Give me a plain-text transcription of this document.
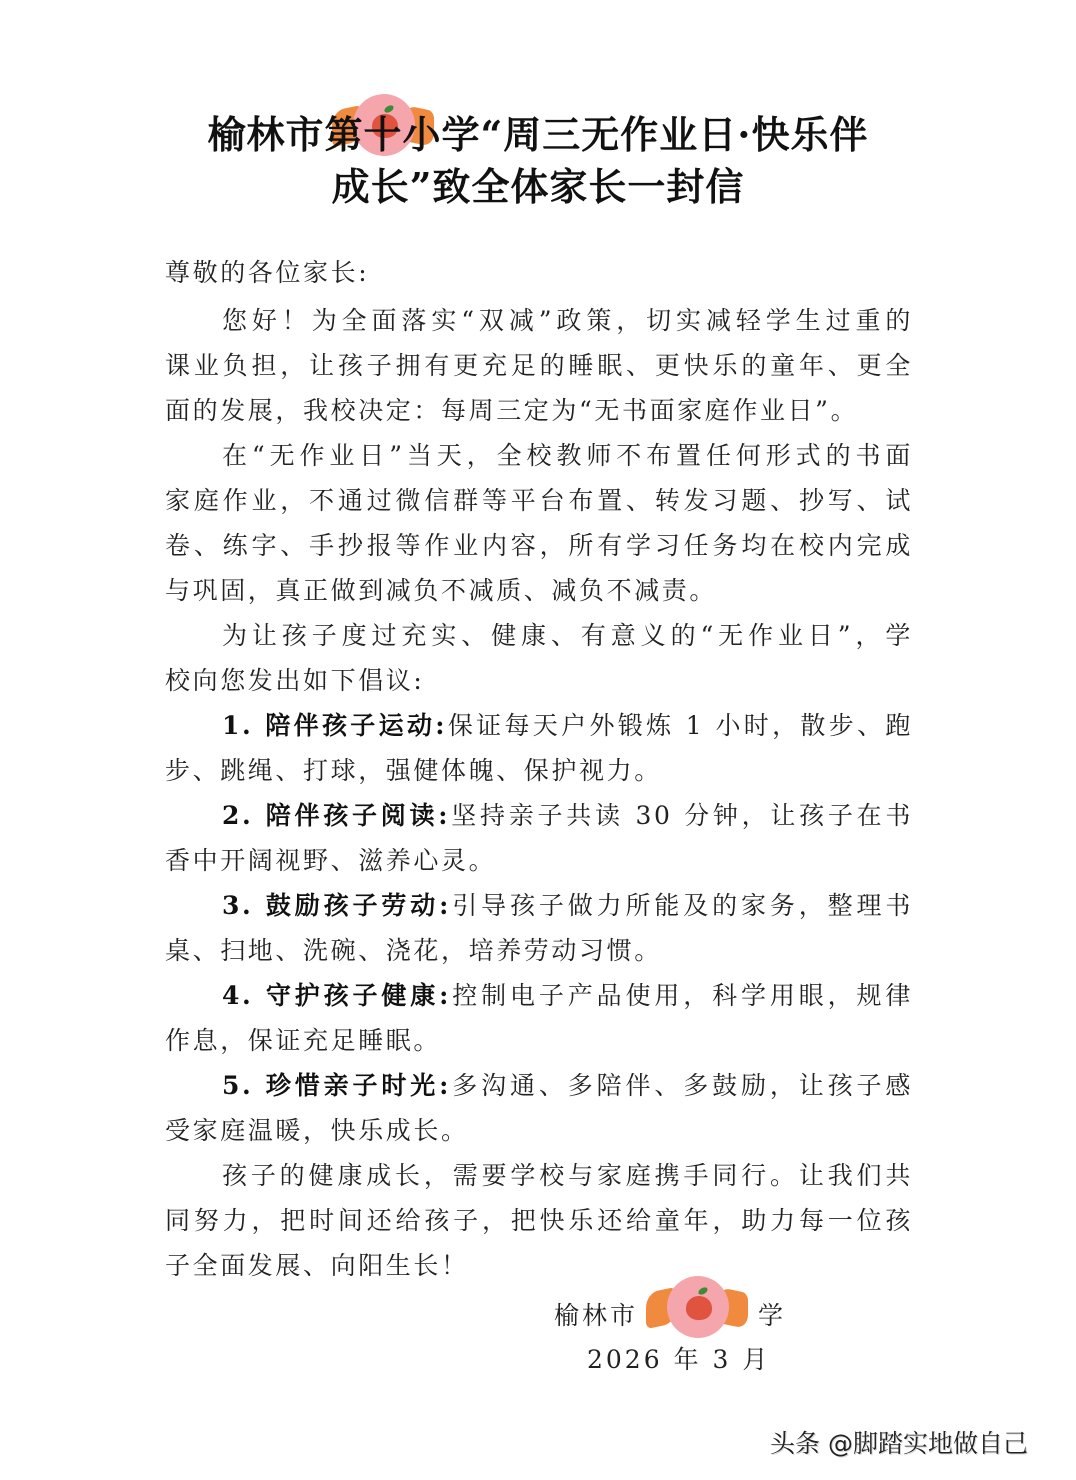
榆林市第十小学“周三无作业日·快乐伴
成长”致全体家长一封信
尊敬的各位家长:
您好！为全面落实“双减”政策，切实减轻学生过重的
课业负担，让孩子拥有更充足的睡眠、更快乐的童年、更全
面的发展，我校决定：每周三定为“无书面家庭作业日”。
在“无作业日”当天，全校教师不布置任何形式的书面
家庭作业，不通过微信群等平台布置、转发习题、抄写、试
卷、练字、手抄报等作业内容，所有学习任务均在校内完成
与巩固，真正做到减负不减质、减负不减责。
为让孩子度过充实、健康、有意义的“无作业日”，学
校向您发出如下倡议:
1. 陪伴孩子运动:保证每天户外锻炼 1 小时，散步、跑
步、跳绳、打球，强健体魄、保护视力。
2. 陪伴孩子阅读:坚持亲子共读 30 分钟，让孩子在书
香中开阔视野、滋养心灵。
3. 鼓励孩子劳动:引导孩子做力所能及的家务，整理书
桌、扫地、洗碗、浇花，培养劳动习惯。
4. 守护孩子健康:控制电子产品使用，科学用眼，规律
作息，保证充足睡眠。
5. 珍惜亲子时光:多沟通、多陪伴、多鼓励，让孩子感
受家庭温暖，快乐成长。
孩子的健康成长，需要学校与家庭携手同行。让我们共
同努力，把时间还给孩子，把快乐还给童年，助力每一位孩
子全面发展、向阳生长！
榆林市	学
2026 年 3 月
头条 @脚踏实地做自己
